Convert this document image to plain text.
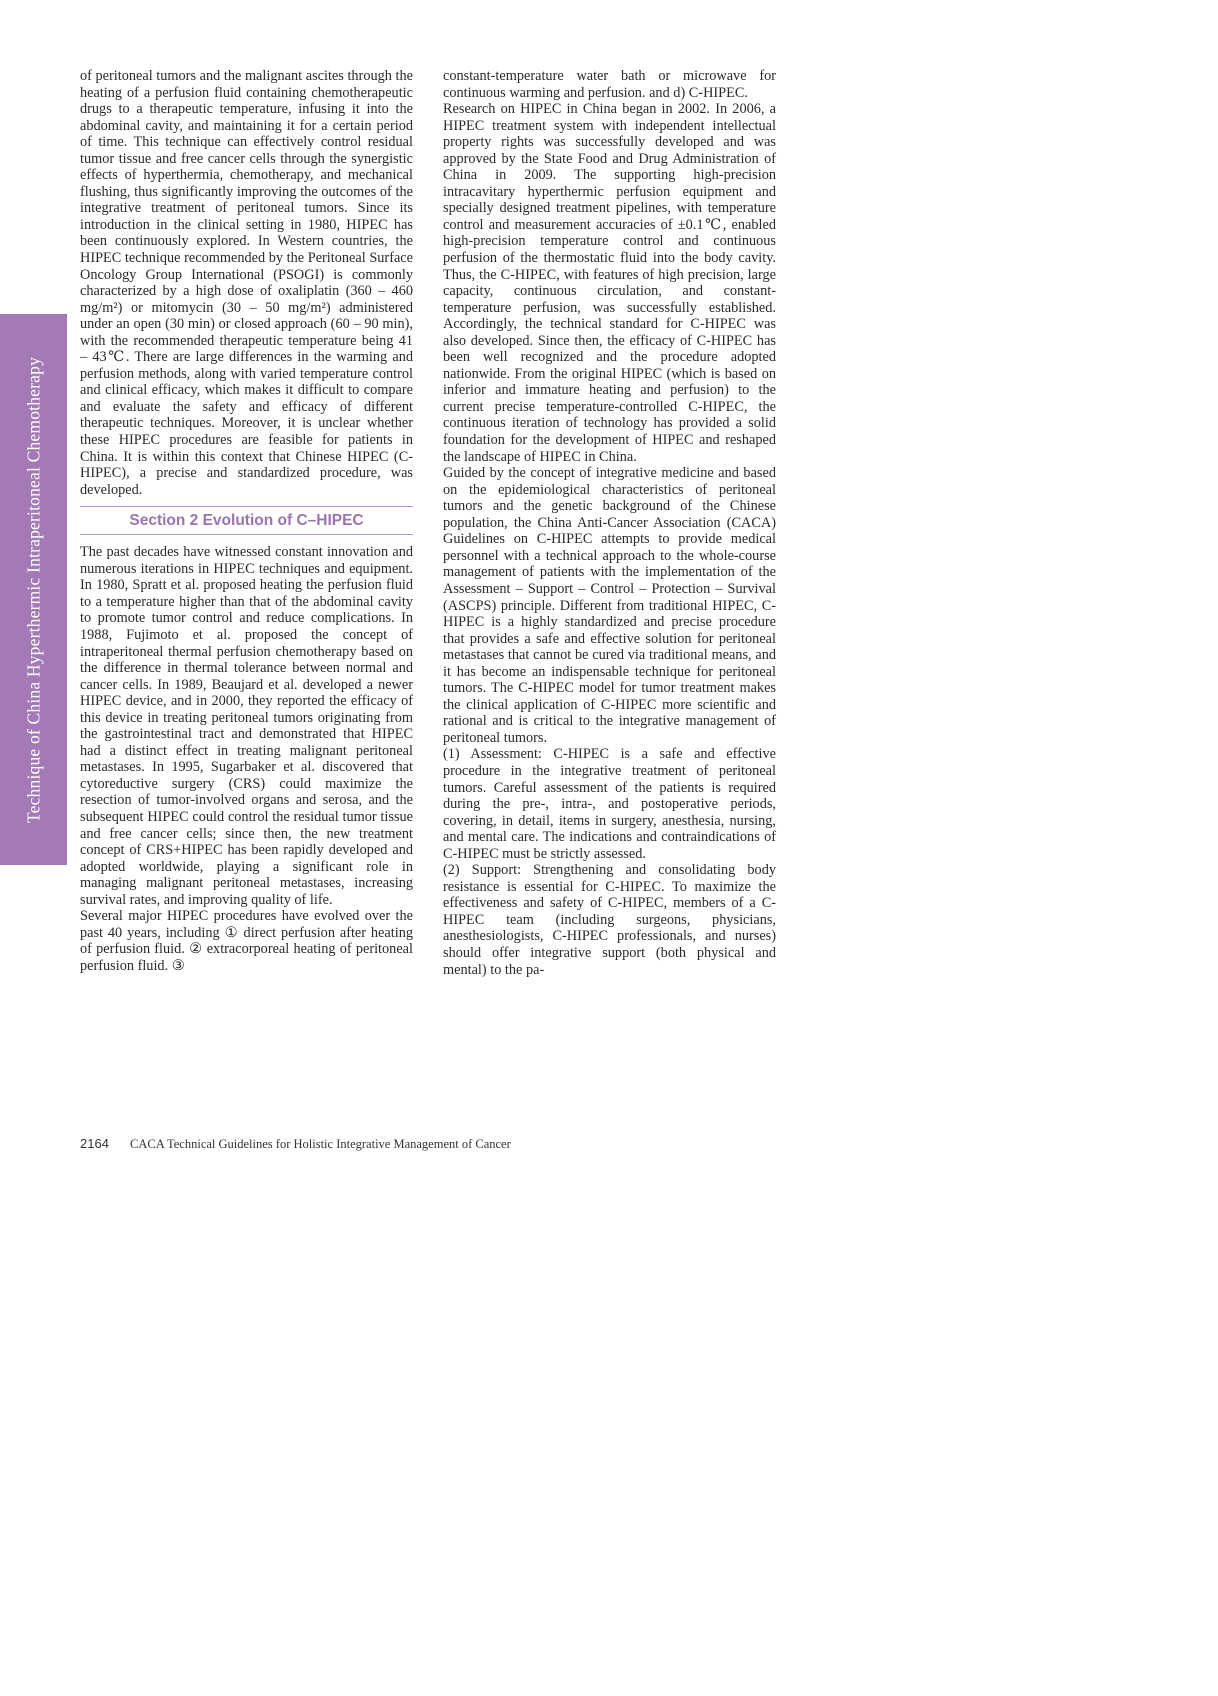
Technique of China Hyperthermic Intraperitoneal Chemotherapy

of peritoneal tumors and the malignant ascites through the heating of a perfusion fluid containing chemotherapeutic drugs to a therapeutic temperature, infusing it into the abdominal cavity, and maintaining it for a certain period of time. This technique can effectively control residual tumor tissue and free cancer cells through the synergistic effects of hyperthermia, chemotherapy, and mechanical flushing, thus significantly improving the outcomes of the integrative treatment of peritoneal tumors. Since its introduction in the clinical setting in 1980, HIPEC has been continuously explored. In Western countries, the HIPEC technique recommended by the Peritoneal Surface Oncology Group International (PSOGI) is commonly characterized by a high dose of oxaliplatin (360 – 460 mg/m²) or mitomycin (30 – 50 mg/m²) administered under an open (30 min) or closed approach (60 – 90 min), with the recommended therapeutic temperature being 41 – 43℃. There are large differences in the warming and perfusion methods, along with varied temperature control and clinical efficacy, which makes it difficult to compare and evaluate the safety and efficacy of different therapeutic techniques. Moreover, it is unclear whether these HIPEC procedures are feasible for patients in China. It is within this context that Chinese HIPEC (C-HIPEC), a precise and standardized procedure, was developed.

Section 2 Evolution of C–HIPEC

The past decades have witnessed constant innovation and numerous iterations in HIPEC techniques and equipment. In 1980, Spratt et al. proposed heating the perfusion fluid to a temperature higher than that of the abdominal cavity to promote tumor control and reduce complications. In 1988, Fujimoto et al. proposed the concept of intraperitoneal thermal perfusion chemotherapy based on the difference in thermal tolerance between normal and cancer cells. In 1989, Beaujard et al. developed a newer HIPEC device, and in 2000, they reported the efficacy of this device in treating peritoneal tumors originating from the gastrointestinal tract and demonstrated that HIPEC had a distinct effect in treating malignant peritoneal metastases. In 1995, Sugarbaker et al. discovered that cytoreductive surgery (CRS) could maximize the resection of tumor-involved organs and serosa, and the subsequent HIPEC could control the residual tumor tissue and free cancer cells; since then, the new treatment concept of CRS+HIPEC has been rapidly developed and adopted worldwide, playing a significant role in managing malignant peritoneal metastases, increasing survival rates, and improving quality of life.

Several major HIPEC procedures have evolved over the past 40 years, including ① direct perfusion after heating of perfusion fluid. ② extracorporeal heating of peritoneal perfusion fluid. ③

constant-temperature water bath or microwave for continuous warming and perfusion. and d) C-HIPEC.

Research on HIPEC in China began in 2002. In 2006, a HIPEC treatment system with independent intellectual property rights was successfully developed and was approved by the State Food and Drug Administration of China in 2009. The supporting high-precision intracavitary hyperthermic perfusion equipment and specially designed treatment pipelines, with temperature control and measurement accuracies of ±0.1℃, enabled high-precision temperature control and continuous perfusion of the thermostatic fluid into the body cavity. Thus, the C-HIPEC, with features of high precision, large capacity, continuous circulation, and constant-temperature perfusion, was successfully established. Accordingly, the technical standard for C-HIPEC was also developed. Since then, the efficacy of C-HIPEC has been well recognized and the procedure adopted nationwide. From the original HIPEC (which is based on inferior and immature heating and perfusion) to the current precise temperature-controlled C-HIPEC, the continuous iteration of technology has provided a solid foundation for the development of HIPEC and reshaped the landscape of HIPEC in China.

Guided by the concept of integrative medicine and based on the epidemiological characteristics of peritoneal tumors and the genetic background of the Chinese population, the China Anti-Cancer Association (CACA) Guidelines on C-HIPEC attempts to provide medical personnel with a technical approach to the whole-course management of patients with the implementation of the Assessment – Support – Control – Protection – Survival (ASCPS) principle. Different from traditional HIPEC, C-HIPEC is a highly standardized and precise procedure that provides a safe and effective solution for peritoneal metastases that cannot be cured via traditional means, and it has become an indispensable technique for peritoneal tumors. The C-HIPEC model for tumor treatment makes the clinical application of C-HIPEC more scientific and rational and is critical to the integrative management of peritoneal tumors.

(1) Assessment: C-HIPEC is a safe and effective procedure in the integrative treatment of peritoneal tumors. Careful assessment of the patients is required during the pre-, intra-, and postoperative periods, covering, in detail, items in surgery, anesthesia, nursing, and mental care. The indications and contraindications of C-HIPEC must be strictly assessed.

(2) Support: Strengthening and consolidating body resistance is essential for C-HIPEC. To maximize the effectiveness and safety of C-HIPEC, members of a C-HIPEC team (including surgeons, physicians, anesthesiologists, C-HIPEC professionals, and nurses) should offer integrative support (both physical and mental) to the pa-

2164 CACA Technical Guidelines for Holistic Integrative Management of Cancer
